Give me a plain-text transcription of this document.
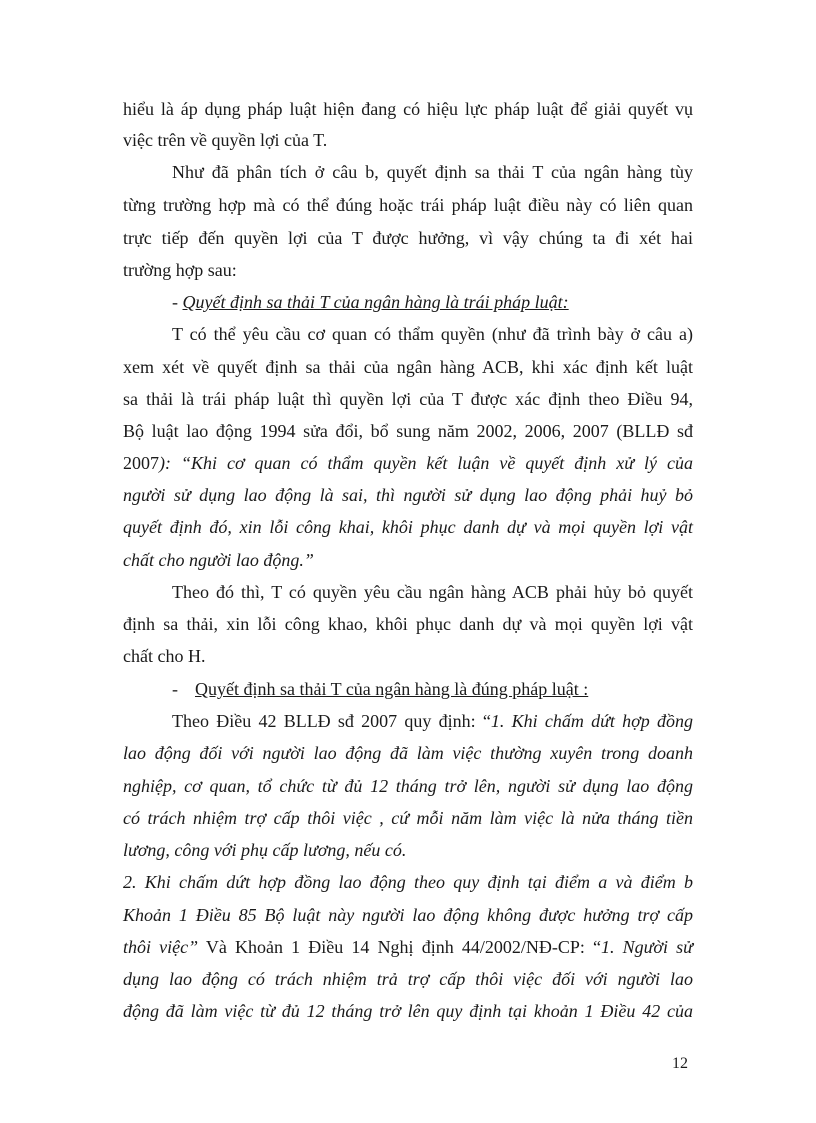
hiểu là áp dụng pháp luật hiện đang có hiệu lực pháp luật để giải quyết vụ
việc trên về quyền lợi của T.
Như đã phân tích ở câu b, quyết định sa thải T của ngân hàng tùy
từng trường hợp mà có thể đúng hoặc trái pháp luật điều này có liên quan
trực tiếp đến quyền lợi của T được hưởng, vì vậy chúng ta đi xét hai
trường hợp sau:
- Quyết định sa thải T của ngân hàng là trái pháp luật:
T có thể yêu cầu cơ quan có thẩm quyền (như đã trình bày ở câu a)
xem xét về quyết định sa thải của ngân hàng ACB, khi xác định kết luật
sa thải là trái pháp luật thì quyền lợi của T được xác định theo Điều 94,
Bộ luật lao động 1994 sửa đổi, bổ sung năm 2002, 2006, 2007 (BLLĐ sđ
2007): “Khi cơ quan có thẩm quyền kết luận về quyết định xử lý của
người sử dụng lao động là sai, thì người sử dụng lao động phải huỷ bỏ
quyết định đó, xin lỗi công khai, khôi phục danh dự và mọi quyền lợi vật
chất cho người lao động.”
Theo đó thì, T có quyền yêu cầu ngân hàng ACB phải hủy bỏ quyết
định sa thải, xin lỗi công khao, khôi phục danh dự và mọi quyền lợi vật
chất cho H.
- Quyết định sa thải T của ngân hàng là đúng pháp luật :
Theo Điều 42 BLLĐ sđ 2007 quy định: “1. Khi chấm dứt hợp đồng
lao động đối với người lao động đã làm việc thường xuyên trong doanh
nghiệp, cơ quan, tổ chức từ đủ 12 tháng trở lên, người sử dụng lao động
có trách nhiệm trợ cấp thôi việc , cứ mỗi năm làm việc là nửa tháng tiền
lương, công với phụ cấp lương, nếu có.
2. Khi chấm dứt hợp đồng lao động theo quy định tại điểm a và điểm b
Khoản 1 Điều 85 Bộ luật này người lao động không được hưởng trợ cấp
thôi việc” Và Khoản 1 Điều 14 Nghị định 44/2002/NĐ-CP: “1. Người sử
dụng lao động có trách nhiệm trả trợ cấp thôi việc đối với người lao
động đã làm việc từ đủ 12 tháng trở lên quy định tại khoản 1 Điều 42 của
12
